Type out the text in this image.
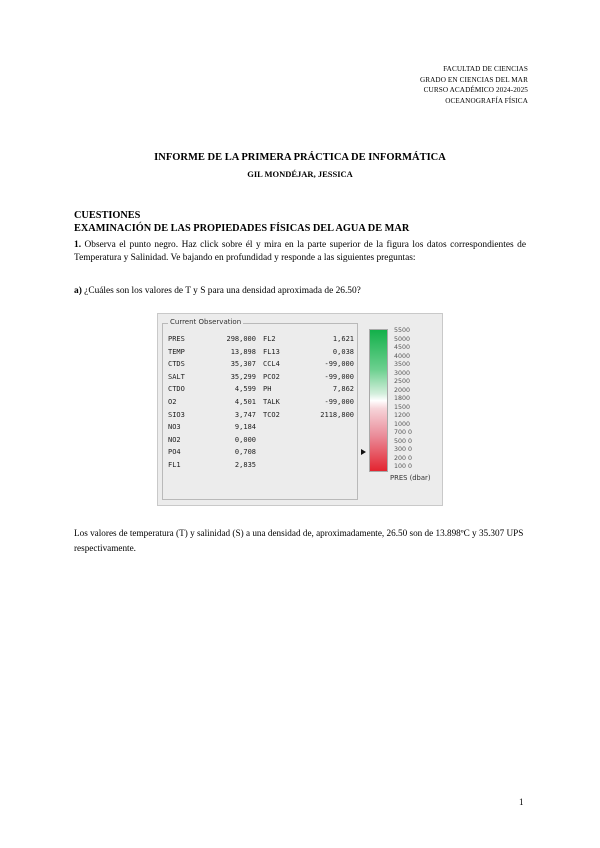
FACULTAD DE CIENCIAS
GRADO EN CIENCIAS DEL MAR
CURSO ACADÉMICO 2024-2025
OCEANOGRAFÍA FÍSICA
INFORME DE LA PRIMERA PRÁCTICA DE INFORMÁTICA
GIL MONDÉJAR, JESSICA
CUESTIONES
EXAMINACIÓN DE LAS PROPIEDADES FÍSICAS DEL AGUA DE MAR
1. Observa el punto negro. Haz click sobre él y mira en la parte superior de la figura los datos correspondientes de Temperatura y Salinidad. Ve bajando en profundidad y responde a las siguientes preguntas:
a) ¿Cuáles son los valores de T y S para una densidad aproximada de 26.50?
Current Observation
PRES	298,000 FL2	1,621
TEMP	13,898 FL13	0,038
CTDS	35,307 CCL4	-99,000
SALT	35,299 PCO2	-99,000
CTDO	4,599 PH	7,862
O2	4,501 TALK	-99,000
SIO3	3,747 TCO2	2118,800
NO3	9,184
NO2	0,000
PO4	0,708
FL1	2,835
5500
5000
4500
4000
3500
3000
2500
2000
1800
1500
1200
1000
700 0
500 0
300 0
200 0
100 0
PRES (dbar)
Los valores de temperatura (T) y salinidad (S) a una densidad de, aproximadamente, 26.50 son de 13.898ºC y 35.307 UPS respectivamente.
1
